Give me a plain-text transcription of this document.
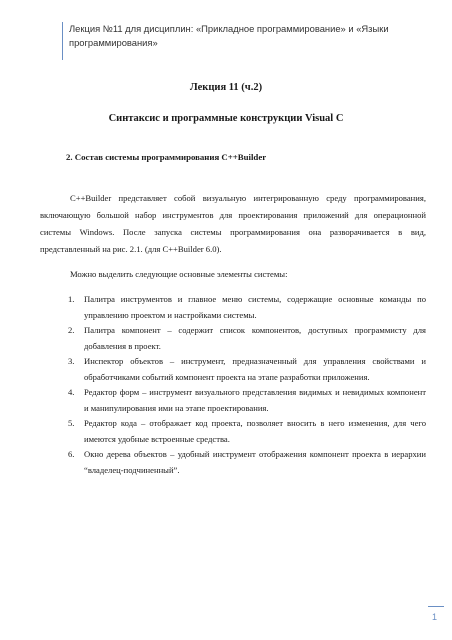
Лекция №11 для дисциплин: «Прикладное программирование» и «Языки
программирования»
Лекция 11 (ч.2)
Синтаксис и программные конструкции Visual C
2. Состав системы программирования C++Builder
C++Builder представляет собой визуальную интегрированную среду программирования, включающую большой набор инструментов для проектирования приложений для операционной системы Windows. После запуска системы программирования она разворачивается в вид, представленный на рис. 2.1. (для C++Builder 6.0).
Можно выделить следующие основные элементы системы:
1. Палитра инструментов и главное меню системы, содержащие основные команды по управлению проектом и настройками системы.
2. Палитра компонент – содержит список компонентов, доступных программисту для добавления в проект.
3. Инспектор объектов – инструмент, предназначенный для управления свойствами и обработчиками событий компонент проекта на этапе разработки приложения.
4. Редактор форм – инструмент визуального представления видимых и невидимых компонент и манипулирования ими на этапе проектирования.
5. Редактор кода – отображает код проекта, позволяет вносить в него изменения, для чего имеются удобные встроенные средства.
6. Окно дерева объектов – удобный инструмент отображения компонент проекта в иерархии “владелец-подчиненный”.
1
